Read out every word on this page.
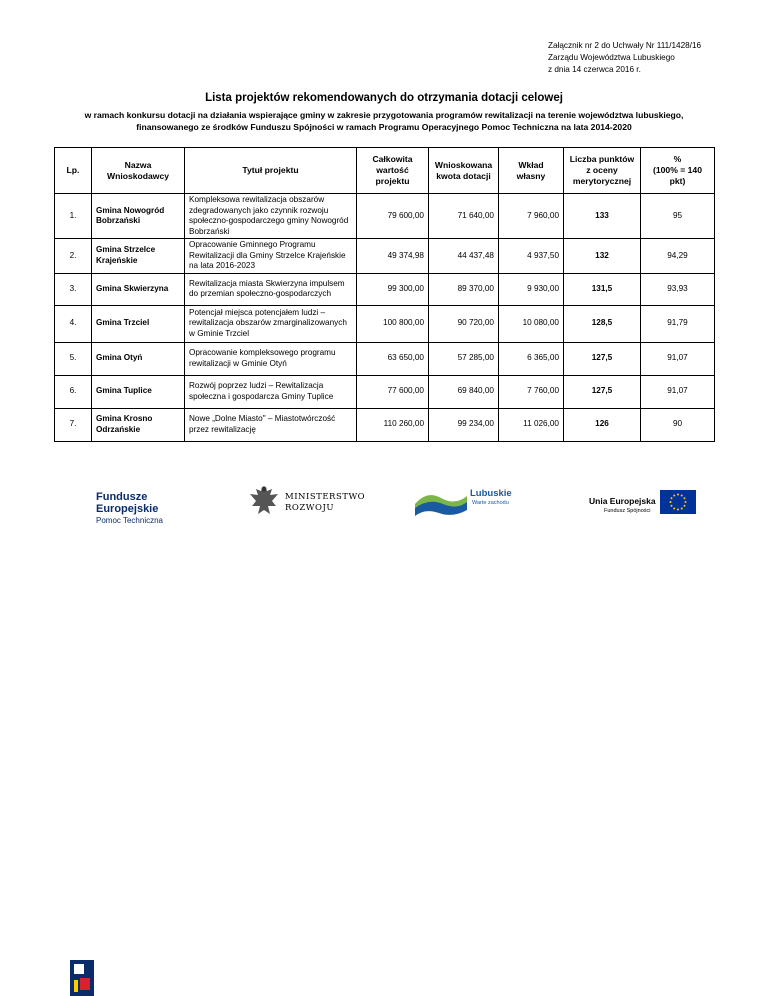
Załącznik nr 2 do Uchwały Nr 111/1428/16
Zarządu Województwa Lubuskiego
z dnia 14 czerwca 2016 r.
Lista projektów rekomendowanych do otrzymania dotacji celowej
w ramach konkursu dotacji na działania wspierające gminy w zakresie przygotowania programów rewitalizacji na terenie województwa lubuskiego,
finansowanego ze środków Funduszu Spójności w ramach Programu Operacyjnego Pomoc Techniczna na lata 2014-2020
Lp.	Nazwa Wnioskodawcy	Tytuł projektu	Całkowita wartość projektu	Wnioskowana kwota dotacji	Wkład własny	Liczba punktów z oceny merytorycznej	%
(100% = 140 pkt)

1.	Gmina Nowogród Bobrzański	Kompleksowa rewitalizacja obszarów zdegradowanych jako czynnik rozwoju społeczno-gospodarczego gminy Nowogród Bobrzański	79 600,00	71 640,00	7 960,00	133	95
2.	Gmina Strzelce Krajeńskie	Opracowanie Gminnego Programu Rewitalizacji dla Gminy Strzelce Krajeńskie na lata 2016-2023	49 374,98	44 437,48	4 937,50	132	94,29
3.	Gmina Skwierzyna	Rewitalizacja miasta Skwierzyna impulsem do przemian społeczno-gospodarczych	99 300,00	89 370,00	9 930,00	131,5	93,93
4.	Gmina Trzciel	Potencjał miejsca potencjałem ludzi – rewitalizacja obszarów zmarginalizowanych w Gminie Trzciel	100 800,00	90 720,00	10 080,00	128,5	91,79
5.	Gmina Otyń	Opracowanie kompleksowego programu rewitalizacji w Gminie Otyń	63 650,00	57 285,00	6 365,00	127,5	91,07
6.	Gmina Tuplice	Rozwój poprzez ludzi – Rewitalizacja społeczna i gospodarcza Gminy Tuplice	77 600,00	69 840,00	7 760,00	127,5	91,07
7.	Gmina Krosno Odrzańskie	Nowe „Dolne Miasto" – Miastotwórczość przez rewitalizację	110 260,00	99 234,00	11 026,00	126	90
Fundusze
Europejskie
Pomoc Techniczna
MINISTERSTWO
ROZWOJU
Lubuskie
Warte zachodu	Unia Europejska
Fundusz Spójności
